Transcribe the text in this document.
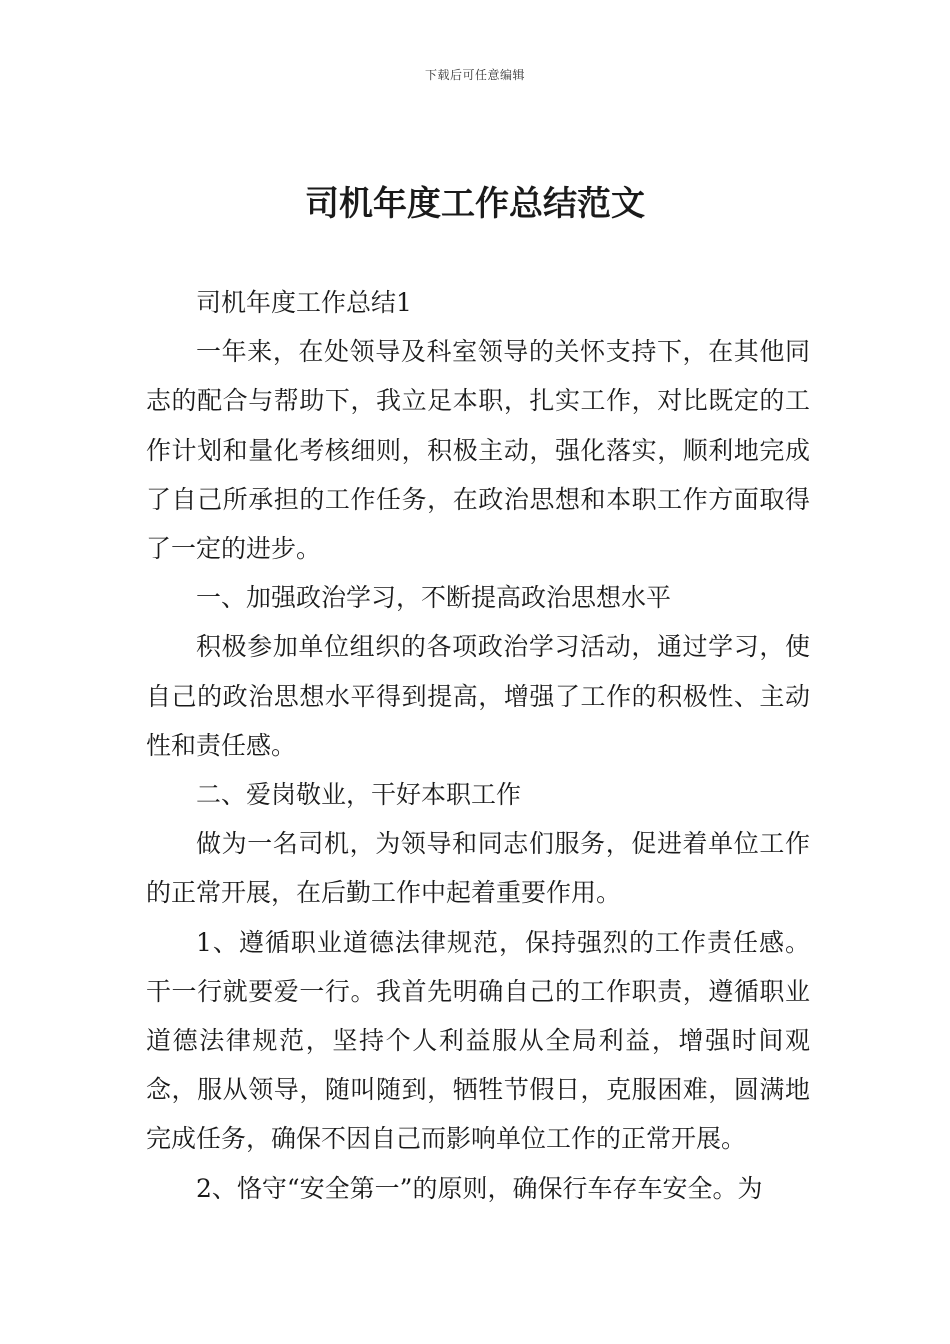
下载后可任意编辑
司机年度工作总结范文

司机年度工作总结1

一年来，在处领导及科室领导的关怀支持下，在其他同志的配合与帮助下，我立足本职，扎实工作，对比既定的工作计划和量化考核细则，积极主动，强化落实，顺利地完成了自己所承担的工作任务，在政治思想和本职工作方面取得了一定的进步。

一、加强政治学习，不断提高政治思想水平

积极参加单位组织的各项政治学习活动，通过学习，使自己的政治思想水平得到提高，增强了工作的积极性、主动性和责任感。

二、爱岗敬业，干好本职工作

做为一名司机，为领导和同志们服务，促进着单位工作的正常开展，在后勤工作中起着重要作用。

1、遵循职业道德法律规范，保持强烈的工作责任感。干一行就要爱一行。我首先明确自己的工作职责，遵循职业道德法律规范，坚持个人利益服从全局利益，增强时间观念，服从领导，随叫随到，牺牲节假日，克服困难，圆满地完成任务，确保不因自己而影响单位工作的正常开展。

2、恪守“安全第一”的原则，确保行车存车安全。为
